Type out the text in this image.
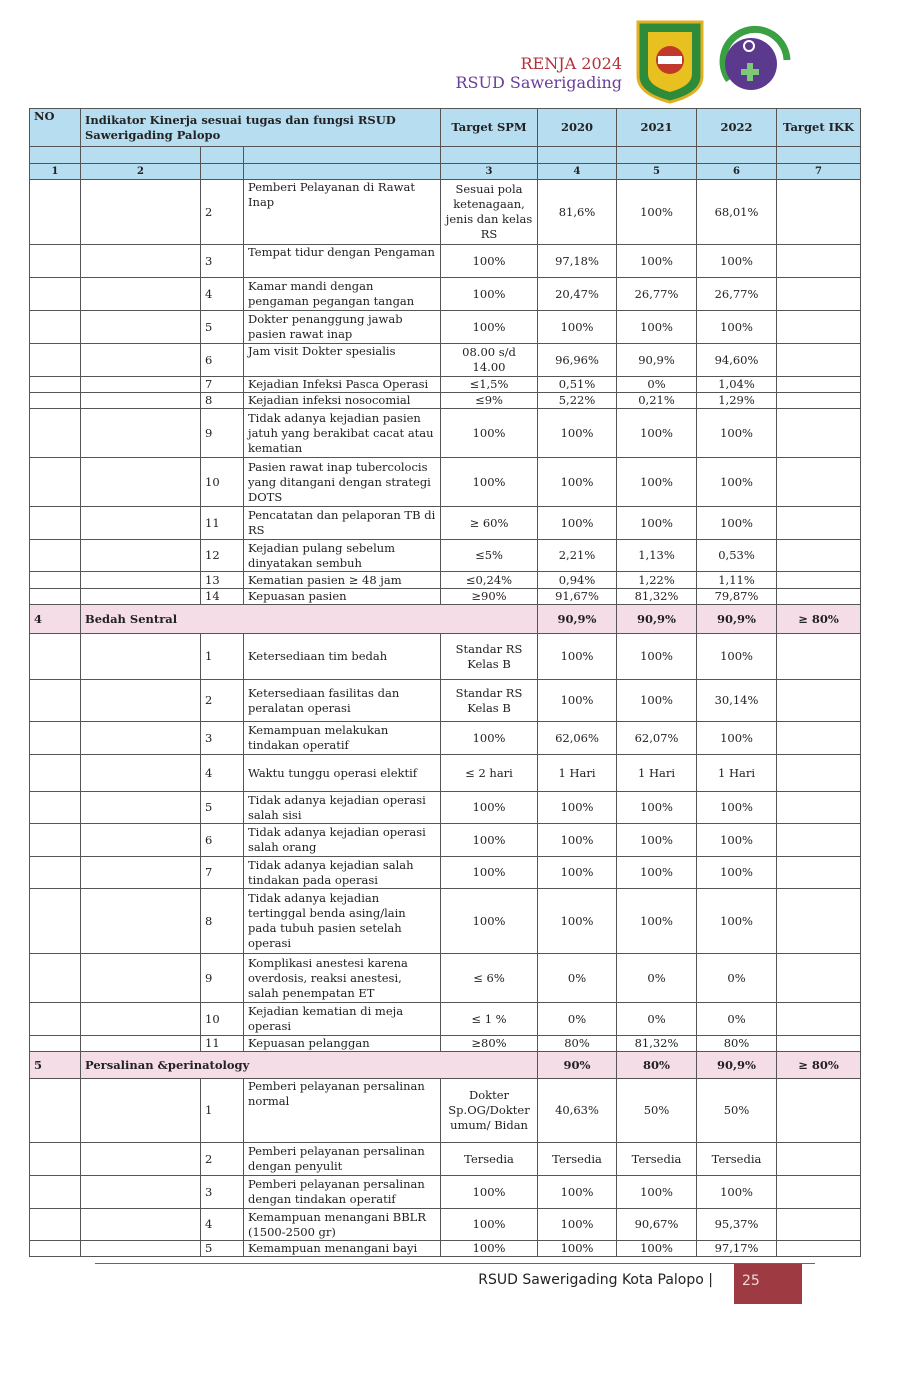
RENJA 2024
RSUD Sawerigading
NO	Indikator Kinerja sesuai tugas dan fungsi RSUD Sawerigading Palopo			Target SPM	2020	2021	2022	Target IKK

1	2			3	4	5	6	7
		2	Pemberi Pelayanan di Rawat Inap	Sesuai pola ketenagaan, jenis dan kelas RS	81,6%	100%	68,01%	
		3	Tempat tidur dengan Pengaman	100%	97,18%	100%	100%	
		4	Kamar mandi dengan pengaman pegangan tangan	100%	20,47%	26,77%	26,77%	
		5	Dokter penanggung jawab pasien rawat inap	100%	100%	100%	100%	
		6	Jam visit Dokter spesialis	08.00 s/d 14.00	96,96%	90,9%	94,60%	
		7	Kejadian Infeksi Pasca Operasi	≤1,5%	0,51%	0%	1,04%	
		8	Kejadian infeksi nosocomial	≤9%	5,22%	0,21%	1,29%	
		9	Tidak adanya kejadian pasien jatuh yang berakibat cacat atau kematian	100%	100%	100%	100%	
		10	Pasien rawat inap tubercolocis yang ditangani dengan strategi DOTS	100%	100%	100%	100%	
		11	Pencatatan dan pelaporan TB di RS	≥ 60%	100%	100%	100%	
		12	Kejadian pulang sebelum dinyatakan sembuh	≤5%	2,21%	1,13%	0,53%	
		13	Kematian pasien ≥ 48 jam	≤0,24%	0,94%	1,22%	1,11%	
		14	Kepuasan pasien	≥90%	91,67%	81,32%	79,87%	
4	Bedah Sentral				90,9%	90,9%	90,9%	≥ 80%
		1	Ketersediaan tim bedah	Standar RS Kelas B	100%	100%	100%	
		2	Ketersediaan fasilitas dan peralatan operasi	Standar RS Kelas B	100%	100%	30,14%	
		3	Kemampuan melakukan tindakan operatif	100%	62,06%	62,07%	100%	
		4	Waktu tunggu operasi elektif	≤ 2 hari	1 Hari	1 Hari	1 Hari	
		5	Tidak adanya kejadian operasi salah sisi	100%	100%	100%	100%	
		6	Tidak adanya kejadian operasi salah orang	100%	100%	100%	100%	
		7	Tidak adanya kejadian salah tindakan pada operasi	100%	100%	100%	100%	
		8	Tidak adanya kejadian tertinggal benda asing/lain pada tubuh pasien setelah operasi	100%	100%	100%	100%	
		9	Komplikasi anestesi karena overdosis, reaksi anestesi, salah penempatan ET	≤ 6%	0%	0%	0%	
		10	Kejadian kematian di meja operasi	≤ 1 %	0%	0%	0%	
		11	Kepuasan pelanggan	≥80%	80%	81,32%	80%	
5	Persalinan &perinatology				90%	80%	90,9%	≥ 80%
		1	Pemberi pelayanan persalinan normal	Dokter Sp.OG/Dokter umum/ Bidan	40,63%	50%	50%	
		2	Pemberi pelayanan persalinan dengan penyulit	Tersedia	Tersedia	Tersedia	Tersedia	
		3	Pemberi pelayanan persalinan dengan tindakan operatif	100%	100%	100%	100%	
		4	Kemampuan menangani BBLR (1500-2500 gr)	100%	100%	90,67%	95,37%	
		5	Kemampuan menangani bayi	100%	100%	100%	97,17%	
RSUD Sawerigading Kota Palopo |	25
